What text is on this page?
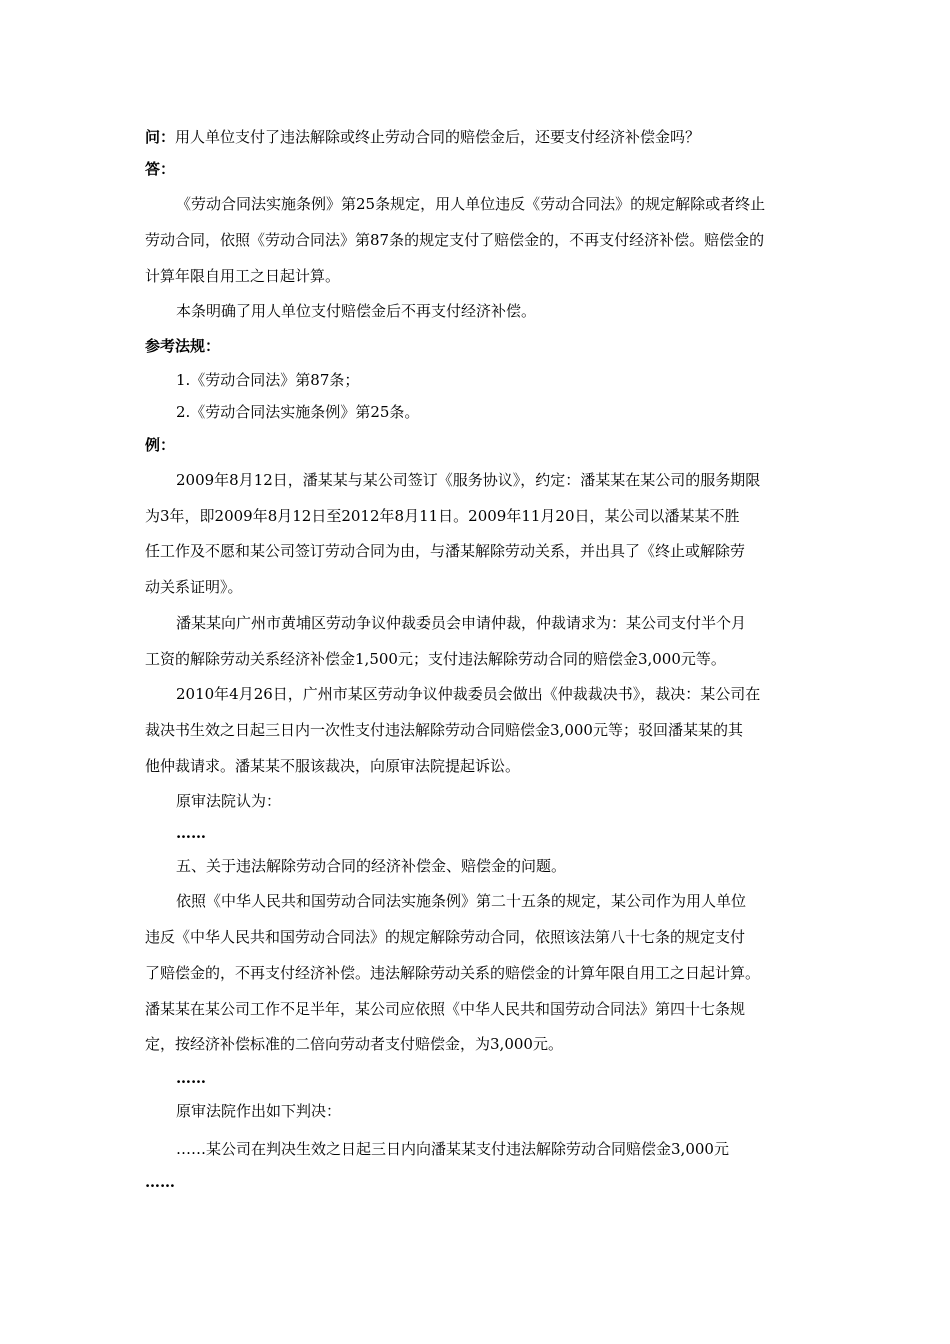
问：用人单位支付了违法解除或终止劳动合同的赔偿金后，还要支付经济补偿金吗？
答：
《劳动合同法实施条例》第25条规定，用人单位违反《劳动合同法》的规定解除或者终止
劳动合同，依照《劳动合同法》第87条的规定支付了赔偿金的，不再支付经济补偿。赔偿金的
计算年限自用工之日起计算。
本条明确了用人单位支付赔偿金后不再支付经济补偿。
参考法规：
1.《劳动合同法》第87条；
2.《劳动合同法实施条例》第25条。
例：
2009年8月12日，潘某某与某公司签订《服务协议》，约定：潘某某在某公司的服务期限
为3年，即2009年8月12日至2012年8月11日。2009年11月20日，某公司以潘某某不胜
任工作及不愿和某公司签订劳动合同为由，与潘某解除劳动关系，并出具了《终止或解除劳
动关系证明》。
潘某某向广州市黄埔区劳动争议仲裁委员会申请仲裁，仲裁请求为：某公司支付半个月
工资的解除劳动关系经济补偿金1,500元；支付违法解除劳动合同的赔偿金3,000元等。
2010年4月26日，广州市某区劳动争议仲裁委员会做出《仲裁裁决书》，裁决：某公司在
裁决书生效之日起三日内一次性支付违法解除劳动合同赔偿金3,000元等；驳回潘某某的其
他仲裁请求。潘某某不服该裁决，向原审法院提起诉讼。
原审法院认为：
……
五、关于违法解除劳动合同的经济补偿金、赔偿金的问题。
依照《中华人民共和国劳动合同法实施条例》第二十五条的规定，某公司作为用人单位
违反《中华人民共和国劳动合同法》的规定解除劳动合同，依照该法第八十七条的规定支付
了赔偿金的，不再支付经济补偿。违法解除劳动关系的赔偿金的计算年限自用工之日起计算。
潘某某在某公司工作不足半年，某公司应依照《中华人民共和国劳动合同法》第四十七条规
定，按经济补偿标准的二倍向劳动者支付赔偿金，为3,000元。
……
原审法院作出如下判决：
……某公司在判决生效之日起三日内向潘某某支付违法解除劳动合同赔偿金3,000元
……
